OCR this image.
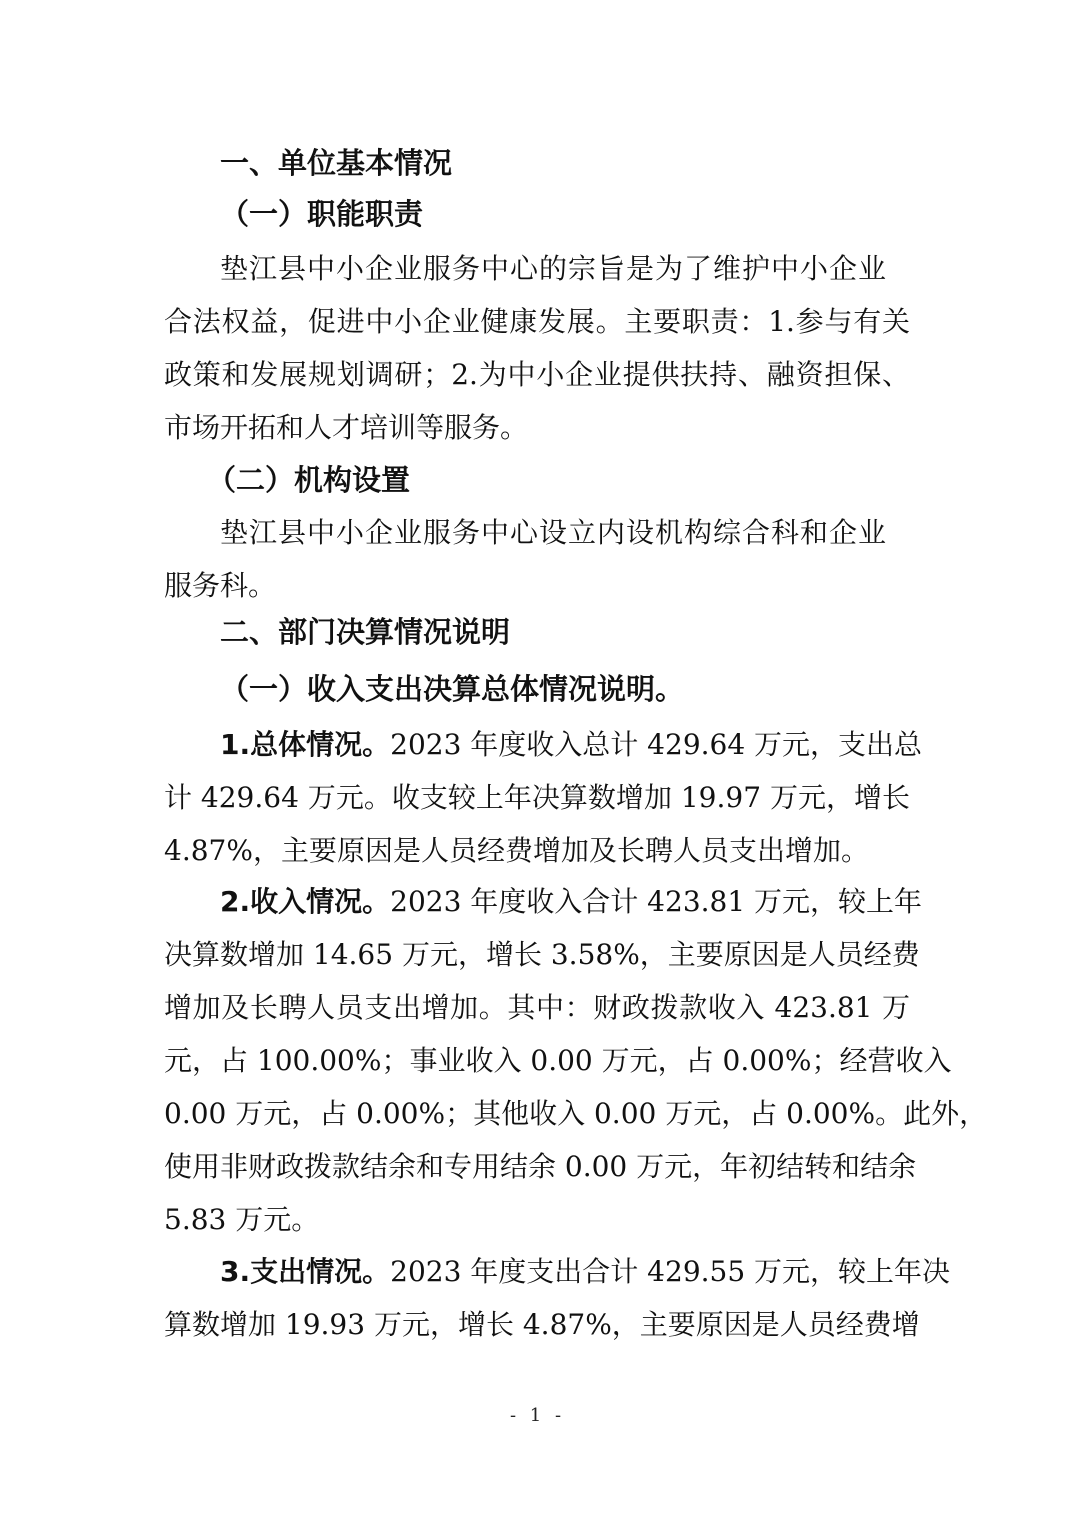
一、单位基本情况
（一）职能职责
垫江县中小企业服务中心的宗旨是为了维护中小企业
合法权益，促进中小企业健康发展。主要职责：1.参与有关
政策和发展规划调研；2.为中小企业提供扶持、融资担保、
市场开拓和人才培训等服务。
（二）机构设置
垫江县中小企业服务中心设立内设机构综合科和企业
服务科。
二、部门决算情况说明
（一）收入支出决算总体情况说明。
1.总体情况。2023 年度收入总计 429.64 万元，支出总
计 429.64 万元。收支较上年决算数增加 19.97 万元，增长
4.87%，主要原因是人员经费增加及长聘人员支出增加。
2.收入情况。2023 年度收入合计 423.81 万元，较上年
决算数增加 14.65 万元，增长 3.58%，主要原因是人员经费
增加及长聘人员支出增加。其中：财政拨款收入 423.81 万
元，占 100.00%；事业收入 0.00 万元，占 0.00%；经营收入
0.00 万元，占 0.00%；其他收入 0.00 万元，占 0.00%。此外，
使用非财政拨款结余和专用结余 0.00 万元，年初结转和结余
5.83 万元。
3.支出情况。2023 年度支出合计 429.55 万元，较上年决
算数增加 19.93 万元，增长 4.87%，主要原因是人员经费增
- 1 -
